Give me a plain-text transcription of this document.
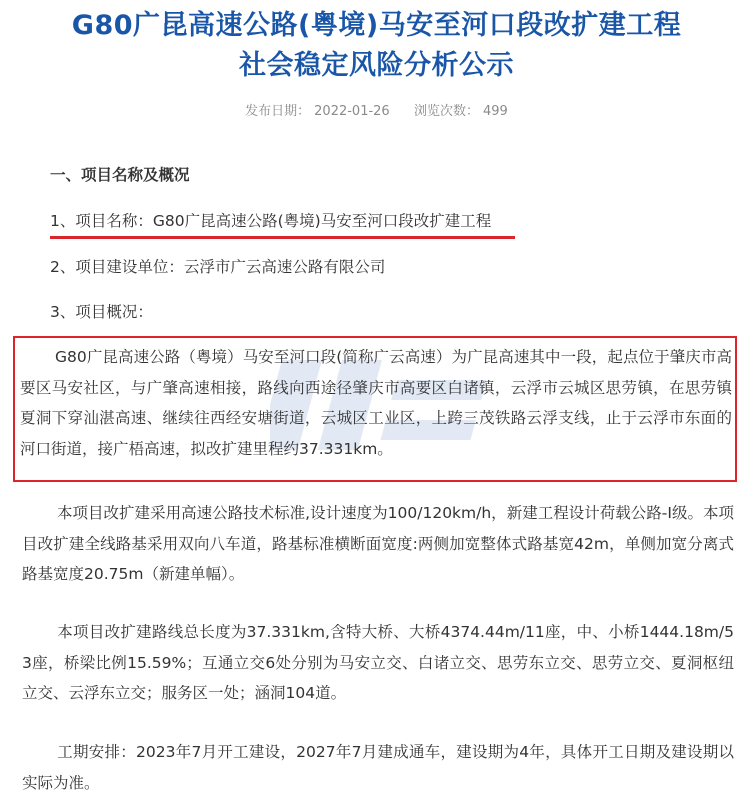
G80广昆高速公路(粤境)马安至河口段改扩建工程
社会稳定风险分析公示
发布日期： 2022-01-26 浏览次数： 499
一、项目名称及概况
1、项目名称：G80广昆高速公路(粤境)马安至河口段改扩建工程
2、项目建设单位：云浮市广云高速公路有限公司
3、项目概况：
G80广昆高速公路（粤境）马安至河口段(简称广云高速）为广昆高速其中一段，起点位于肇庆市高要区马安社区，与广肇高速相接，路线向西途径肇庆市高要区白诸镇，云浮市云城区思劳镇，在思劳镇夏洞下穿汕湛高速、继续往西经安塘街道，云城区工业区，上跨三茂铁路云浮支线，止于云浮市东面的河口街道，接广梧高速，拟改扩建里程约37.331km。
本项目改扩建采用高速公路技术标准,设计速度为100/120km/h，新建工程设计荷载公路-I级。本项目改扩建全线路基采用双向八车道，路基标准横断面宽度:两侧加宽整体式路基宽42m，单侧加宽分离式路基宽度20.75m（新建单幅）。
本项目改扩建路线总长度为37.331km,含特大桥、大桥4374.44m/11座，中、小桥1444.18m/53座，桥梁比例15.59%；互通立交6处分别为马安立交、白诸立交、思劳东立交、思劳立交、夏洞枢纽立交、云浮东立交；服务区一处；涵洞104道。
工期安排：2023年7月开工建设，2027年7月建成通车，建设期为4年，具体开工日期及建设期以实际为准。
